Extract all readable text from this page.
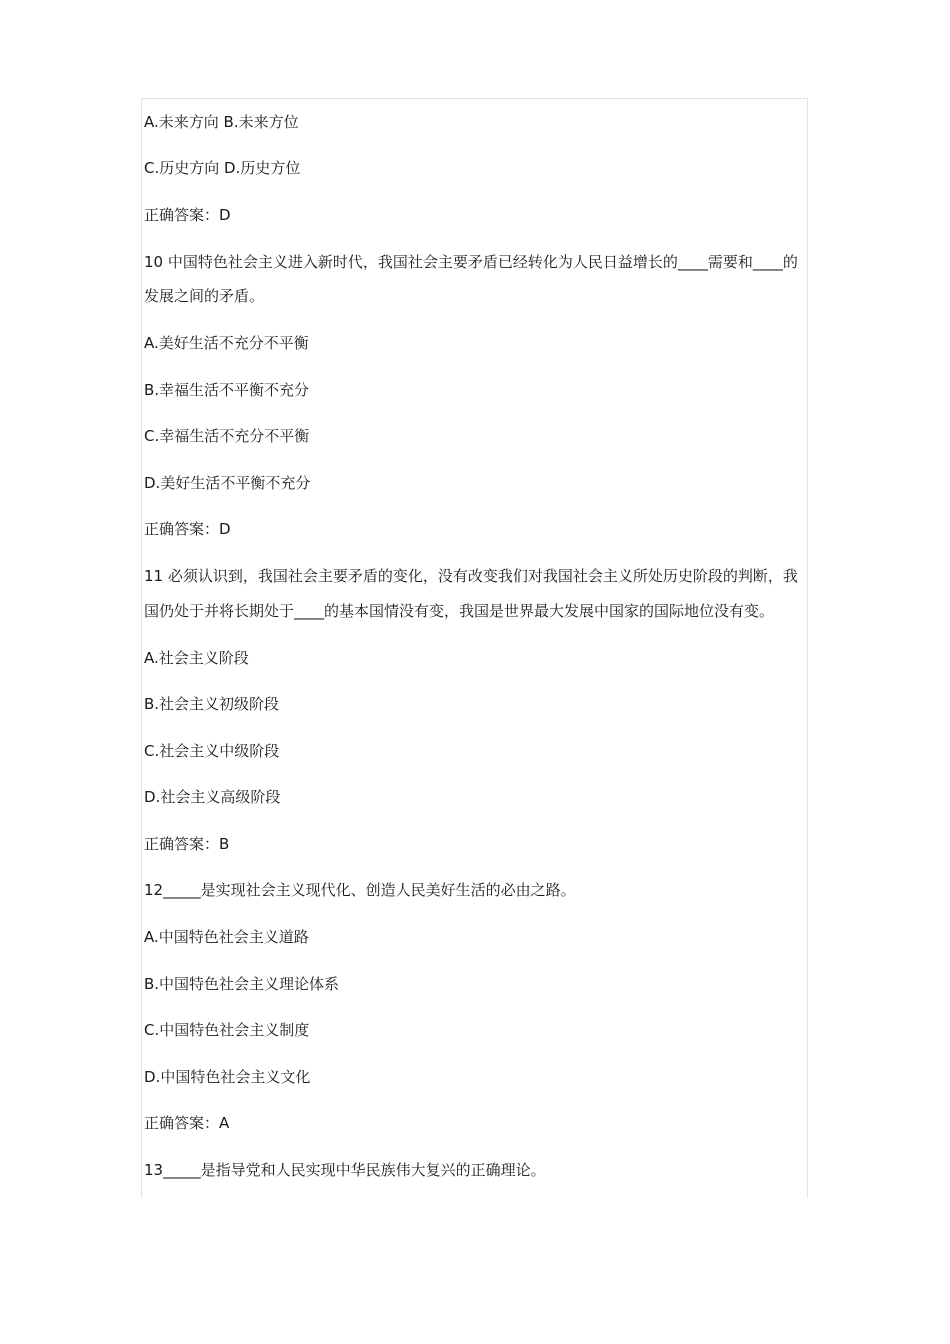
A.未来方向 B.未来方位
C.历史方向 D.历史方位
正确答案：D
10 中国特色社会主义进入新时代，我国社会主要矛盾已经转化为人民日益增长的____需要和____的
发展之间的矛盾。
A.美好生活不充分不平衡
B.幸福生活不平衡不充分
C.幸福生活不充分不平衡
D.美好生活不平衡不充分
正确答案：D
11 必须认识到，我国社会主要矛盾的变化，没有改变我们对我国社会主义所处历史阶段的判断，我
国仍处于并将长期处于____的基本国情没有变，我国是世界最大发展中国家的国际地位没有变。
A.社会主义阶段
B.社会主义初级阶段
C.社会主义中级阶段
D.社会主义高级阶段
正确答案：B
12_____是实现社会主义现代化、创造人民美好生活的必由之路。
A.中国特色社会主义道路
B.中国特色社会主义理论体系
C.中国特色社会主义制度
D.中国特色社会主义文化
正确答案：A
13_____是指导党和人民实现中华民族伟大复兴的正确理论。
